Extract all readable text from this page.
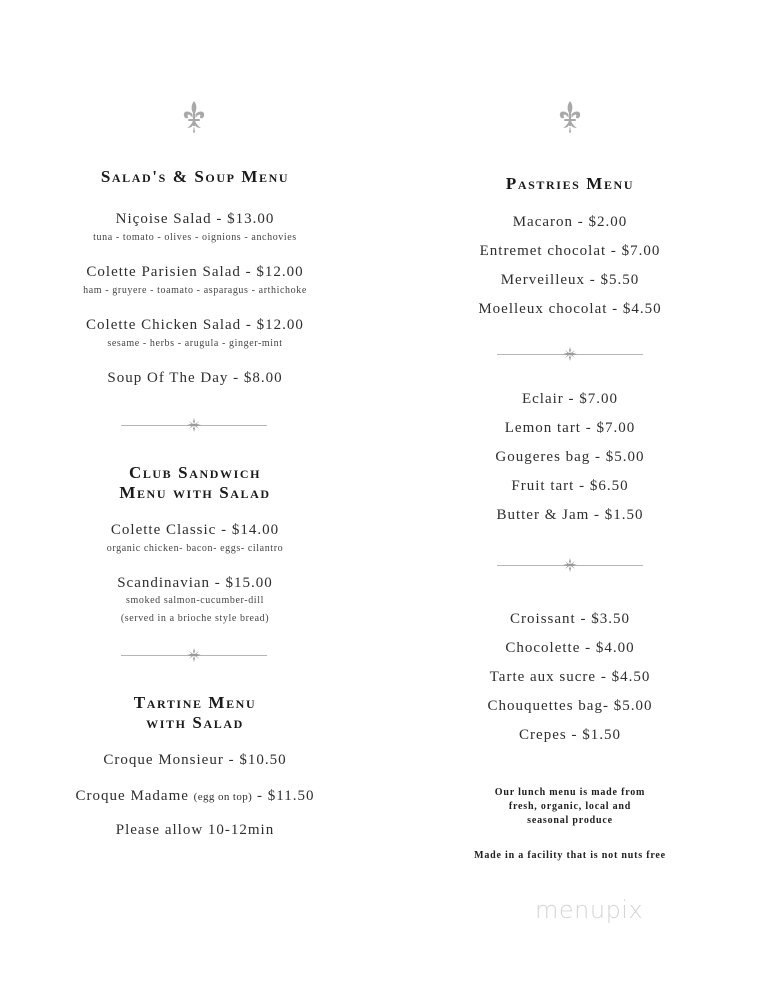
Salad's & Soup Menu
Niçoise Salad - $13.00
tuna - tomato - olives - oignions - anchovies
Colette Parisien Salad - $12.00
ham - gruyere - toamato - asparagus - arthichoke
Colette Chicken Salad - $12.00
sesame - herbs - arugula - ginger-mint
Soup Of The Day - $8.00
Club Sandwich
Menu with Salad
Colette Classic - $14.00
organic chicken- bacon- eggs- cilantro
Scandinavian - $15.00
smoked salmon-cucumber-dill
(served in a brioche style bread)
Tartine Menu
with Salad
Croque Monsieur - $10.50
Croque Madame (egg on top) - $11.50
Please allow 10-12min
Pastries Menu
Macaron - $2.00
Entremet chocolat - $7.00
Merveilleux - $5.50
Moelleux chocolat - $4.50
Eclair - $7.00
Lemon tart - $7.00
Gougeres bag - $5.00
Fruit tart - $6.50
Butter & Jam - $1.50
Croissant - $3.50
Chocolette - $4.00
Tarte aux sucre - $4.50
Chouquettes bag- $5.00
Crepes - $1.50
Our lunch menu is made from
fresh, organic, local and
seasonal produce
Made in a facility that is not nuts free
menupix
